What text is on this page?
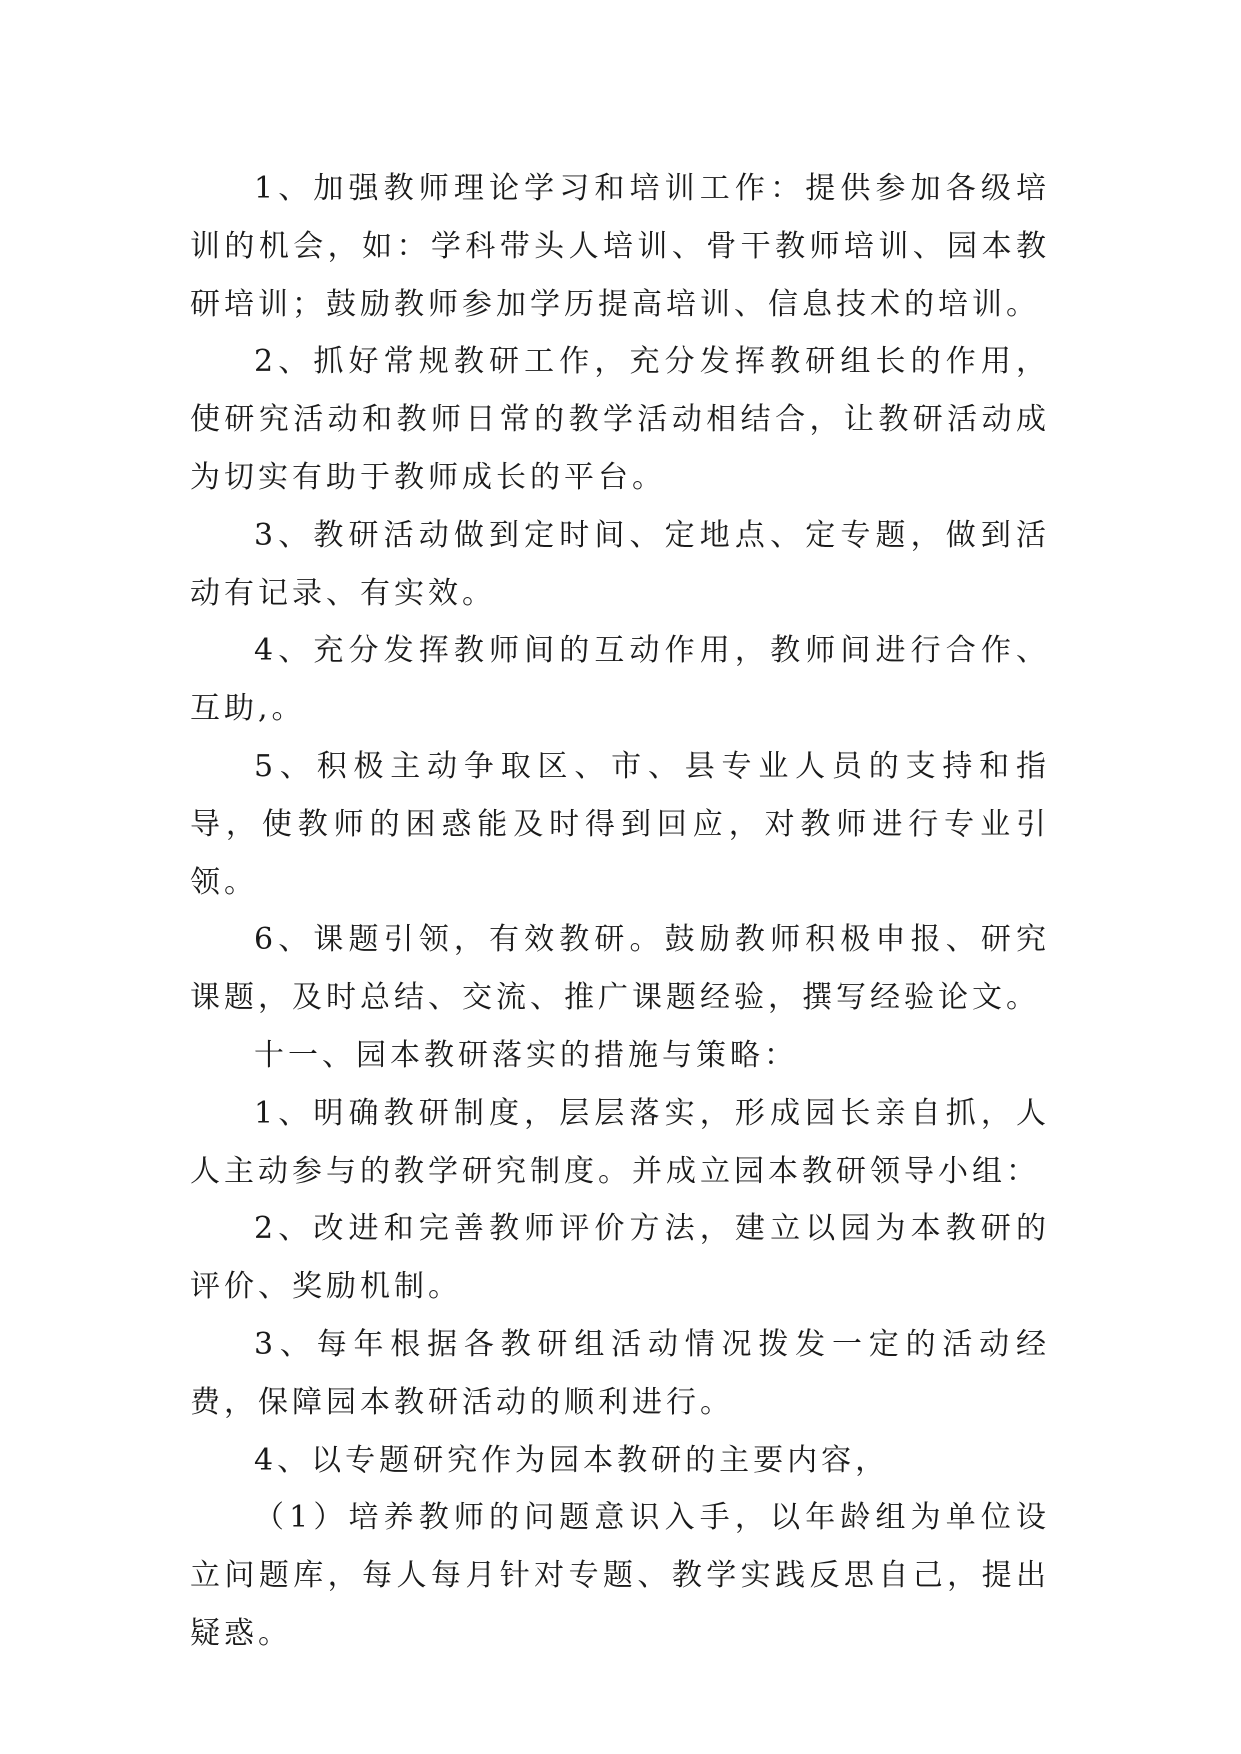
1、加强教师理论学习和培训工作：提供参加各级培训的机会，如：学科带头人培训、骨干教师培训、园本教研培训；鼓励教师参加学历提高培训、信息技术的培训。

2、抓好常规教研工作，充分发挥教研组长的作用，使研究活动和教师日常的教学活动相结合，让教研活动成为切实有助于教师成长的平台。

3、教研活动做到定时间、定地点、定专题，做到活动有记录、有实效。

4、充分发挥教师间的互动作用，教师间进行合作、互助,。

5、积极主动争取区、市、县专业人员的支持和指导，使教师的困惑能及时得到回应，对教师进行专业引领。

6、课题引领，有效教研。鼓励教师积极申报、研究课题，及时总结、交流、推广课题经验，撰写经验论文。

十一、园本教研落实的措施与策略：

1、明确教研制度，层层落实，形成园长亲自抓，人人主动参与的教学研究制度。并成立园本教研领导小组：

2、改进和完善教师评价方法，建立以园为本教研的评价、奖励机制。

3、每年根据各教研组活动情况拨发一定的活动经费，保障园本教研活动的顺利进行。

4、以专题研究作为园本教研的主要内容，

（1）培养教师的问题意识入手，以年龄组为单位设立问题库，每人每月针对专题、教学实践反思自己，提出疑惑。
